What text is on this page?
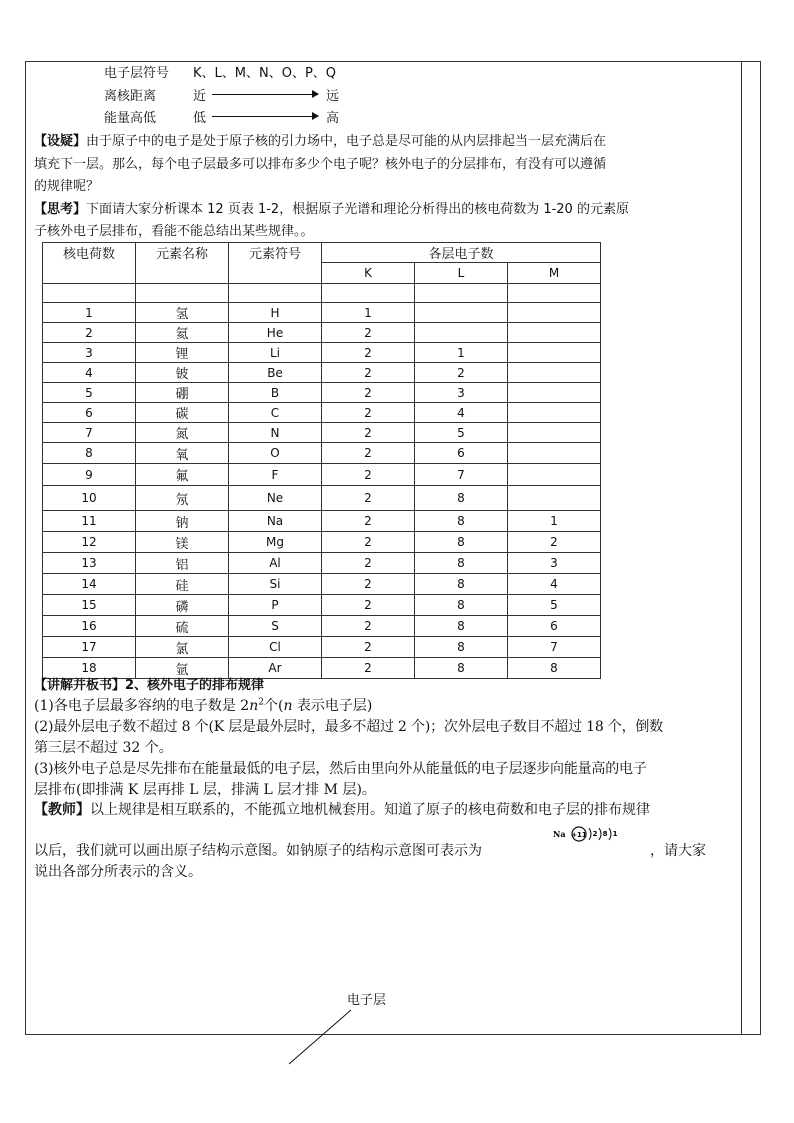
电子层符号 K、L、M、N、O、P、Q
离核距离	近	远
能量高低	低	高
【设疑】由于原子中的电子是处于原子核的引力场中，电子总是尽可能的从内层排起当一层充满后在
填充下一层。那么，每个电子层最多可以排布多少个电子呢？核外电子的分层排布，有没有可以遵循
的规律呢？
【思考】下面请大家分析课本 12 页表 1-2，根据原子光谱和理论分析得出的核电荷数为 1-20 的元素原
子核外电子层排布，看能不能总结出某些规律。。
核电荷数	元素名称	元素符号	各层电子数		
			K	L	M

1	氢	H	1		
2	氦	He	2		
3	锂	Li	2	1	
4	铍	Be	2	2	
5	硼	B	2	3	
6	碳	C	2	4	
7	氮	N	2	5	
8	氧	O	2	6	
9	氟	F	2	7	
10	氖	Ne	2	8	
11	钠	Na	2	8	1
12	镁	Mg	2	8	2
13	铝	Al	2	8	3
14	硅	Si	2	8	4
15	磷	P	2	8	5
16	硫	S	2	8	6
17	氯	Cl	2	8	7
18	氩	Ar	2	8	8
【讲解并板书】2、核外电子的排布规律
(1)各电子层最多容纳的电子数是 $2n^2$个(n 表示电子层)
(2)最外层电子数不超过 8 个(K 层是最外层时，最多不超过 2 个)；次外层电子数目不超过 18 个，倒数
第三层不超过 32 个。
(3)核外电子总是尽先排布在能量最低的电子层，然后由里向外从能量低的电子层逐步向能量高的电子
层排布(即排满 K 层再排 L 层，排满 L 层才排 M 层)。
【教师】以上规律是相互联系的，不能孤立地机械套用。知道了原子的核电荷数和电子层的排布规律
以后，我们就可以画出原子结构示意图。如钠原子的结构示意图可表示为	，请大家
说出各部分所表示的含义。
Na +11 2 8 1
电子层
